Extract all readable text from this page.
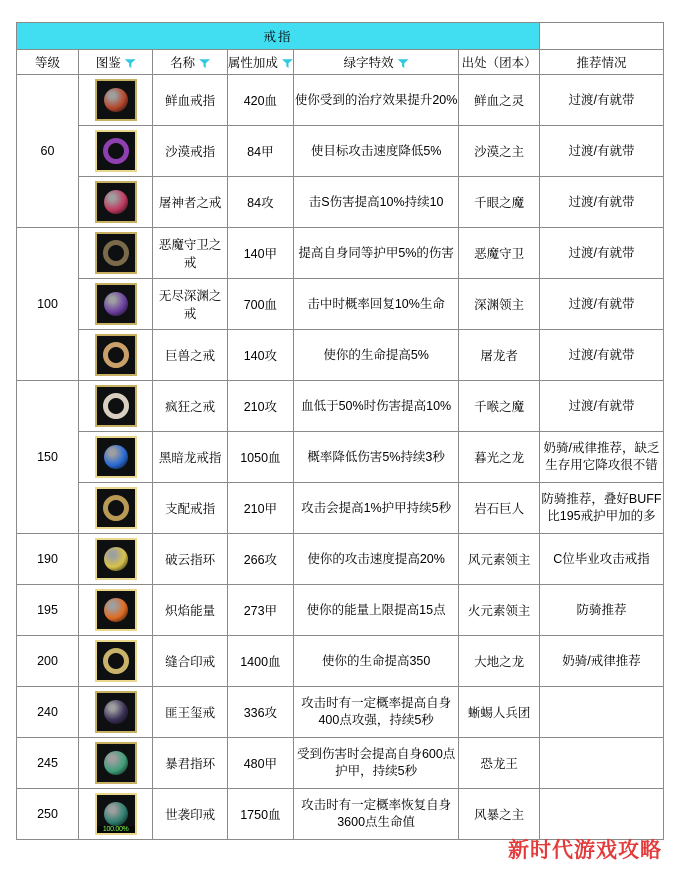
戒指						
等级	图鉴	名称	属性加成	绿字特效	出处（团本）	推荐情况
60		鲜血戒指	420血	使你受到的治疗效果提升20%	鲜血之灵	过渡/有就带

		沙漠戒指	84甲	使目标攻击速度降低5%	沙漠之主	过渡/有就带

		屠神者之戒	84攻	击S伤害提高10%持续10	千眼之魔	过渡/有就带
100		恶魔守卫之戒	140甲	提高自身同等护甲5%的伤害	恶魔守卫	过渡/有就带

		无尽深渊之戒	700血	击中时概率回复10%生命	深渊领主	过渡/有就带

		巨兽之戒	140攻	使你的生命提高5%	屠龙者	过渡/有就带
150		疯狂之戒	210攻	血低于50%时伤害提高10%	千喉之魔	过渡/有就带

		黑暗龙戒指	1050血	概率降低伤害5%持续3秒	暮光之龙	奶骑/戒律推荐，缺乏生存用它降攻很不错

		支配戒指	210甲	攻击会提高1%护甲持续5秒	岩石巨人	防骑推荐，叠好BUFF比195戒护甲加的多
190		破云指环	266攻	使你的攻击速度提高20%	风元素领主	C位毕业攻击戒指
195		炽焰能量	273甲	使你的能量上限提高15点	火元素领主	防骑推荐
200		缝合印戒	1400血	使你的生命提高350	大地之龙	奶骑/戒律推荐
240		匪王玺戒	336攻	攻击时有一定概率提高自身400点攻强，持续5秒	蜥蜴人兵团	
245		暴君指环	480甲	受到伤害时会提高自身600点护甲，持续5秒	恐龙王	
250	100.00%	世袭印戒	1750血	攻击时有一定概率恢复自身3600点生命值	风暴之主	
新时代游戏攻略
